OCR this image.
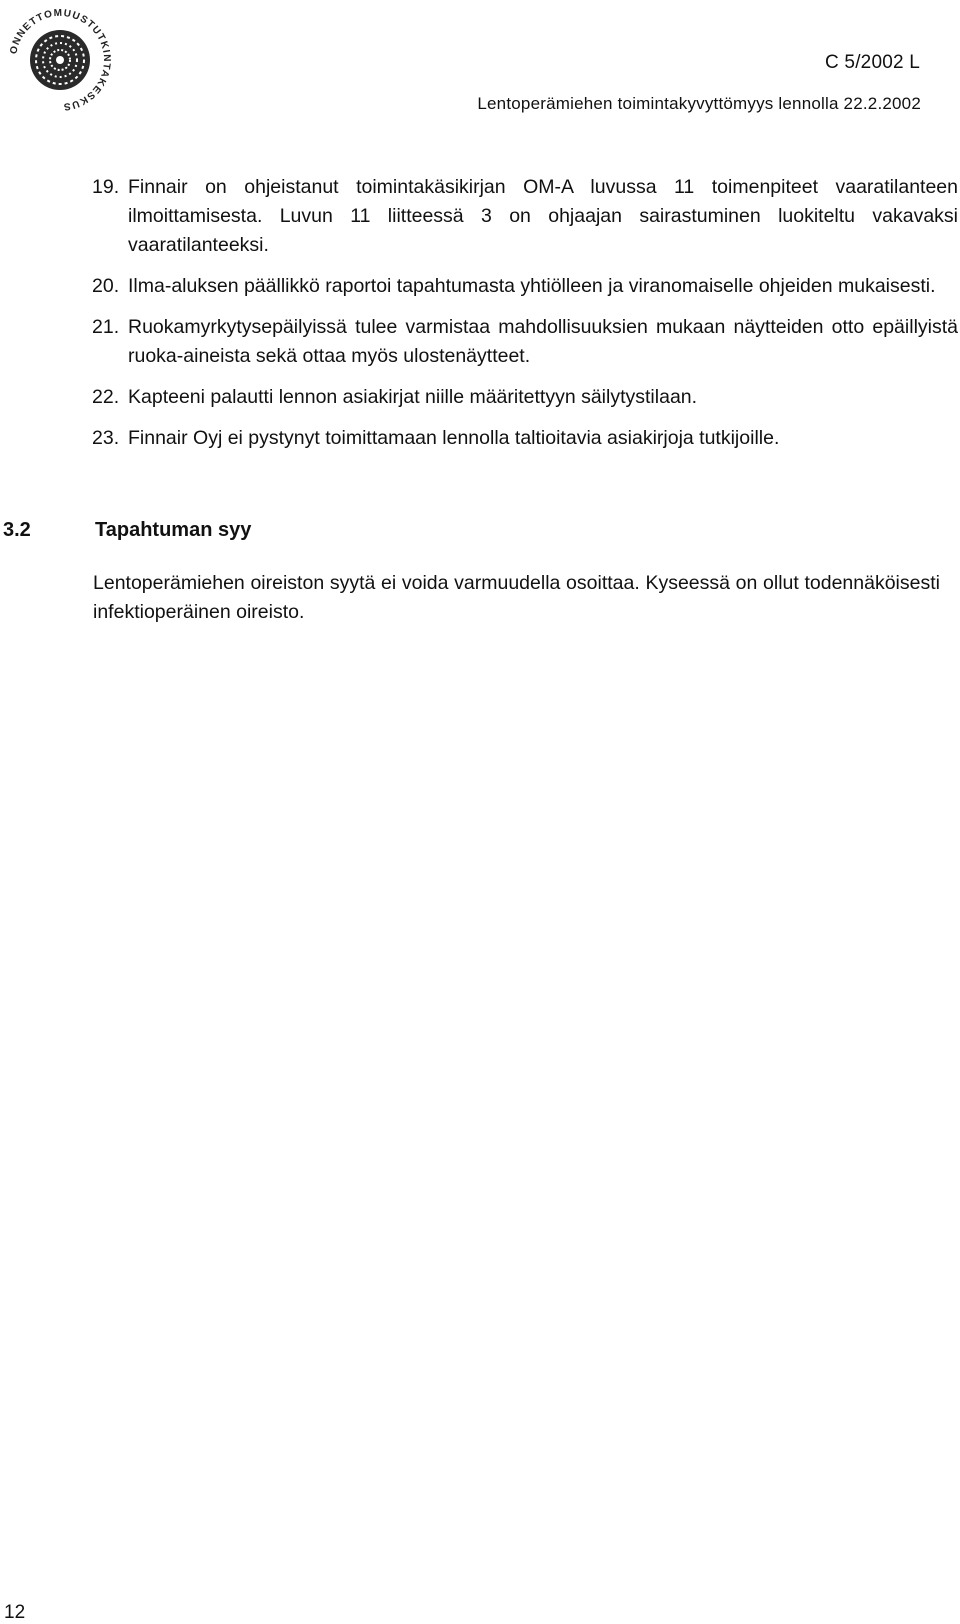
ONNETTOMUUSTUTKINTAKESKUS
C 5/2002 L
Lentoperämiehen toimintakyvyttömyys lennolla 22.2.2002
19. Finnair on ohjeistanut toimintakäsikirjan OM-A luvussa 11 toimenpiteet vaaratilanteen ilmoittamisesta. Luvun 11 liitteessä 3 on ohjaajan sairastuminen luokiteltu vakavaksi vaaratilanteeksi.
20. Ilma-aluksen päällikkö raportoi tapahtumasta yhtiölleen ja viranomaiselle ohjeiden mukaisesti.
21. Ruokamyrkytysepäilyissä tulee varmistaa mahdollisuuksien mukaan näytteiden otto epäillyistä ruoka-aineista sekä ottaa myös ulostenäytteet.
22. Kapteeni palautti lennon asiakirjat niille määritettyyn säilytystilaan.
23. Finnair Oyj ei pystynyt toimittamaan lennolla taltioitavia asiakirjoja tutkijoille.
3.2	Tapahtuman syy

Lentoperämiehen oireiston syytä ei voida varmuudella osoittaa. Kyseessä on ollut todennäköisesti infektioperäinen oireisto.

12
